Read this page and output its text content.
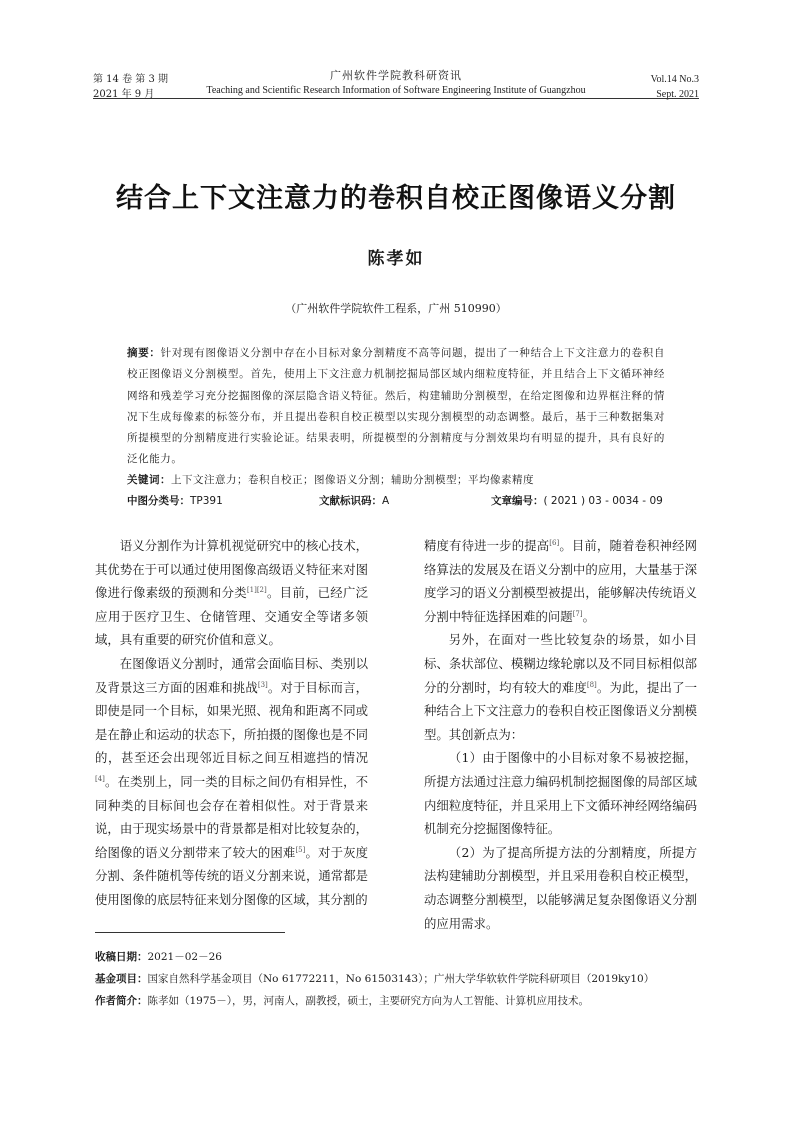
第 14 卷 第 3 期
2021 年 9 月
广州软件学院教科研资讯
Teaching and Scientific Research Information of Software Engineering Institute of Guangzhou
Vol.14 No.3
Sept. 2021
结合上下文注意力的卷积自校正图像语义分割
陈孝如
（广州软件学院软件工程系，广州 510990）
摘要：针对现有图像语义分割中存在小目标对象分割精度不高等问题，提出了一种结合上下文注意力的卷积自校正图像语义分割模型。首先，使用上下文注意力机制挖掘局部区域内细粒度特征，并且结合上下文循环神经网络和残差学习充分挖掘图像的深层隐含语义特征。然后，构建辅助分割模型，在给定图像和边界框注释的情况下生成每像素的标签分布，并且提出卷积自校正模型以实现分割模型的动态调整。最后，基于三种数据集对所提模型的分割精度进行实验论证。结果表明，所提模型的分割精度与分割效果均有明显的提升，具有良好的泛化能力。
关键词：上下文注意力；卷积自校正；图像语义分割；辅助分割模型；平均像素精度
中图分类号：TP391	文献标识码：A	文章编号：( 2021 ) 03 - 0034 - 09

语义分割作为计算机视觉研究中的核心技术，其优势在于可以通过使用图像高级语义特征来对图像进行像素级的预测和分类[1][2]。目前，已经广泛应用于医疗卫生、仓储管理、交通安全等诸多领域，具有重要的研究价值和意义。

在图像语义分割时，通常会面临目标、类别以及背景这三方面的困难和挑战[3]。对于目标而言，即使是同一个目标，如果光照、视角和距离不同或是在静止和运动的状态下，所拍摄的图像也是不同的，甚至还会出现邻近目标之间互相遮挡的情况[4]。在类别上，同一类的目标之间仍有相异性，不同种类的目标间也会存在着相似性。对于背景来说，由于现实场景中的背景都是相对比较复杂的，给图像的语义分割带来了较大的困难[5]。对于灰度分割、条件随机等传统的语义分割来说，通常都是使用图像的底层特征来划分图像的区域，其分割的

精度有待进一步的提高[6]。目前，随着卷积神经网络算法的发展及在语义分割中的应用，大量基于深度学习的语义分割模型被提出，能够解决传统语义分割中特征选择困难的问题[7]。

另外，在面对一些比较复杂的场景，如小目标、条状部位、模糊边缘轮廓以及不同目标相似部分的分割时，均有较大的难度[8]。为此，提出了一种结合上下文注意力的卷积自校正图像语义分割模型。其创新点为：

（1）由于图像中的小目标对象不易被挖掘，所提方法通过注意力编码机制挖掘图像的局部区域内细粒度特征，并且采用上下文循环神经网络编码机制充分挖掘图像特征。

（2）为了提高所提方法的分割精度，所提方法构建辅助分割模型，并且采用卷积自校正模型，动态调整分割模型，以能够满足复杂图像语义分割的应用需求。

收稿日期：2021－02－26
基金项目：国家自然科学基金项目（No 61772211，No 61503143）；广州大学华软软件学院科研项目（2019ky10）
作者简介：陈孝如（1975－），男，河南人，副教授，硕士，主要研究方向为人工智能、计算机应用技术。
